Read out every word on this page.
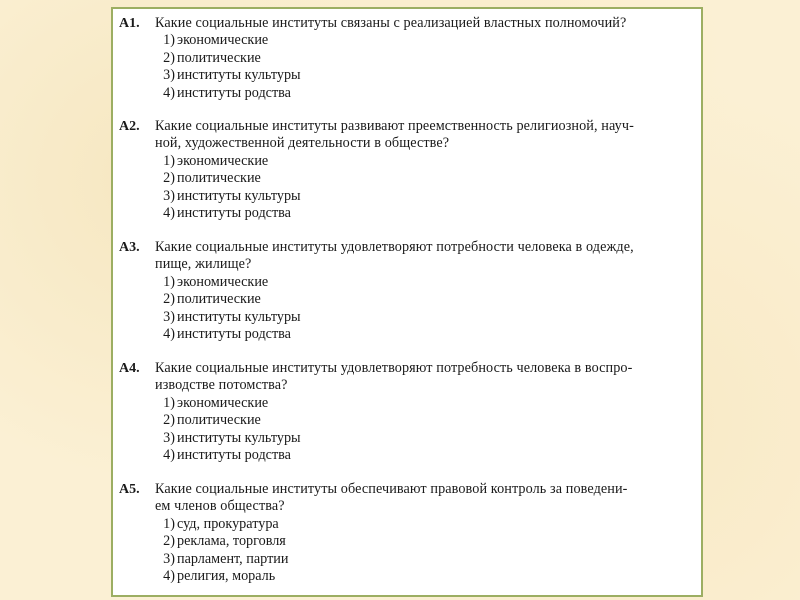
A1.	Какие социальные институты связаны с реализацией властных полномочий?
1) экономические
2) политические
3) институты культуры
4) институты родства
A2.	Какие социальные институты развивают преемственность религиозной, науч-
ной, художественной деятельности в обществе?
1) экономические
2) политические
3) институты культуры
4) институты родства
A3.	Какие социальные институты удовлетворяют потребности человека в одежде,
пище, жилище?
1) экономические
2) политические
3) институты культуры
4) институты родства
A4.	Какие социальные институты удовлетворяют потребность человека в воспро-
изводстве потомства?
1) экономические
2) политические
3) институты культуры
4) институты родства
A5.	Какие социальные институты обеспечивают правовой контроль за поведени-
ем членов общества?
1) суд, прокуратура
2) реклама, торговля
3) парламент, партии
4) религия, мораль
